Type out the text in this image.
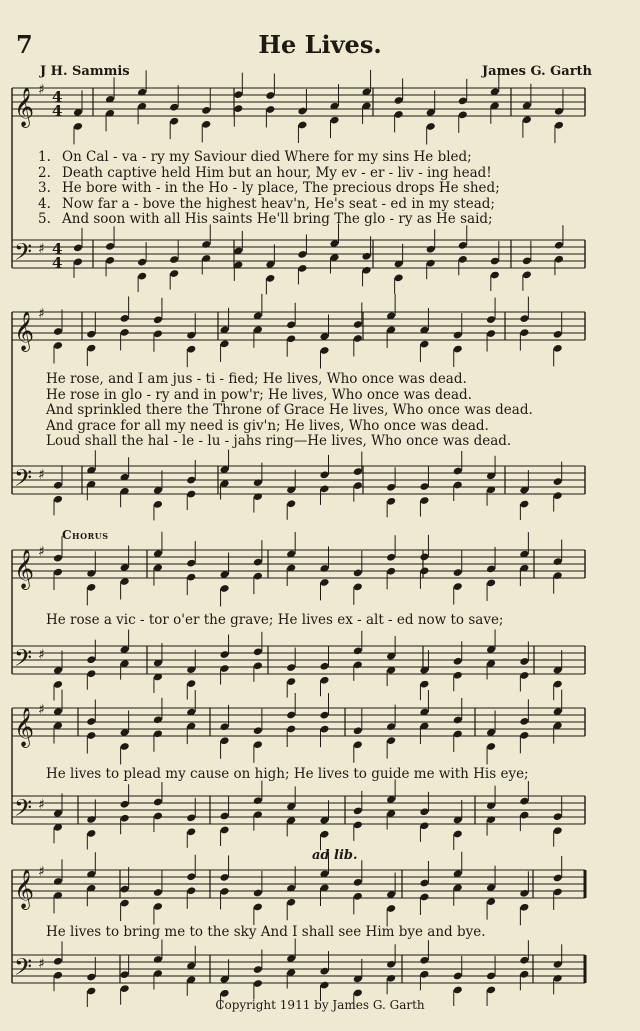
7	He Lives.
J H. Sammis	James G. Garth
𝄞 ♯ 4
4
𝄢 ♯ 4
4
𝄞 ♯
𝄢 ♯
𝄞 ♯
𝄢 ♯
𝄞 ♯
𝄢 ♯
𝄞 ♯
𝄢 ♯
1. On Cal - va - ry my Saviour died Where for my sins He bled;
2. Death captive held Him but an hour, My ev - er - liv - ing head!
3. He bore with - in the Ho - ly place, The precious drops He shed;
4. Now far a - bove the highest heav'n, He's seat - ed in my stead;
5. And soon with all His saints He'll bring The glo - ry as He said;
He rose, and I am jus - ti - fied; He lives, Who once was dead.
He rose in glo - ry and in pow'r; He lives, Who once was dead.
And sprinkled there the Throne of Grace He lives, Who once was dead.
And grace for all my need is giv'n; He lives, Who once was dead.
Loud shall the hal - le - lu - jahs ring—He lives, Who once was dead.
Chorus
He rose a vic - tor o'er the grave; He lives ex - alt - ed now to save;
He lives to plead my cause on high; He lives to guide me with His eye;
ad lib.
He lives to bring me to the sky And I shall see Him bye and bye.
Copyright 1911 by James G. Garth
